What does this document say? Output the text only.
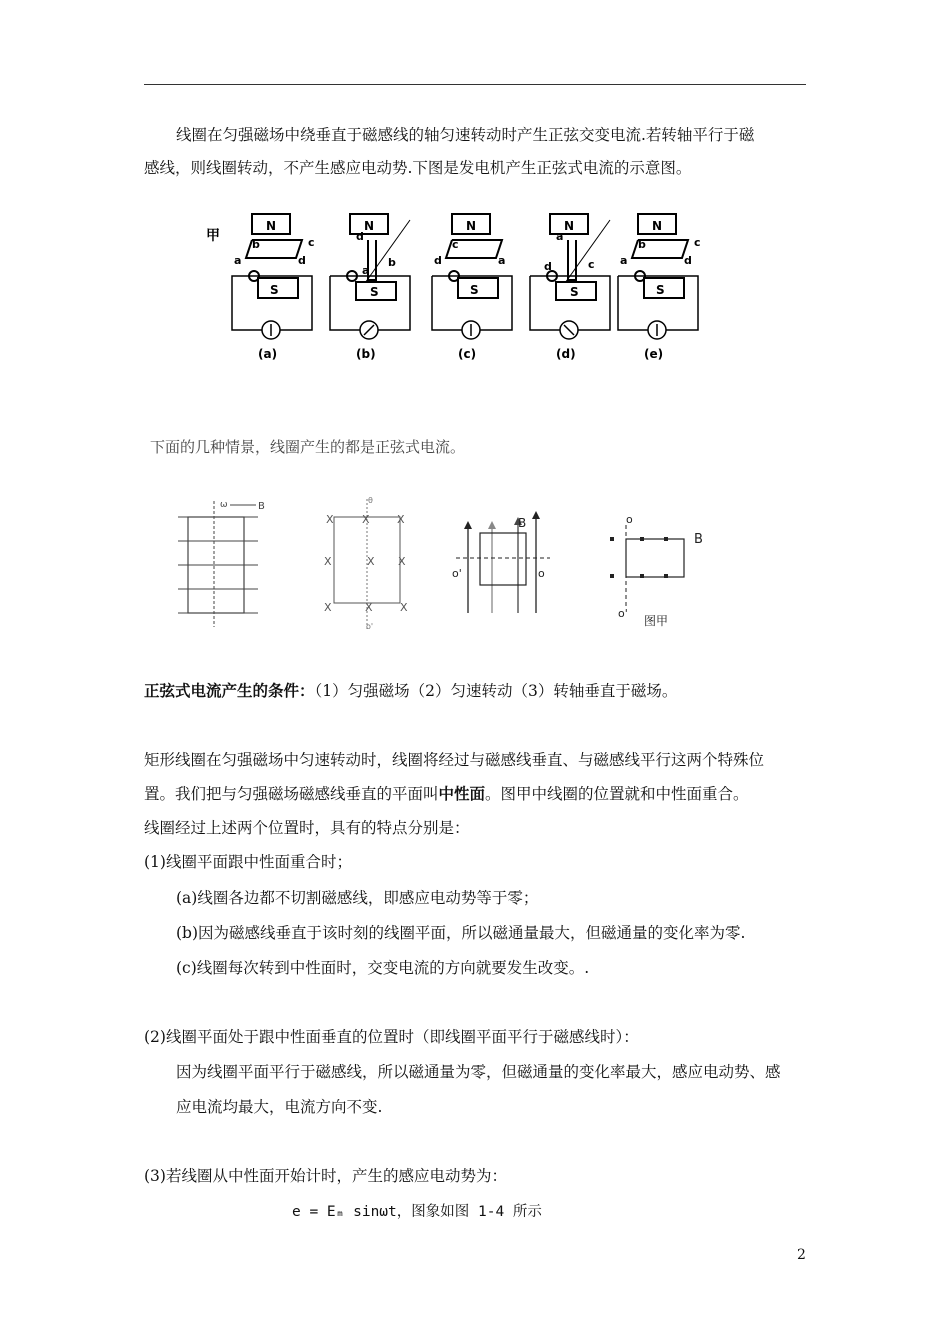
线圈在匀强磁场中绕垂直于磁感线的轴匀速转动时产生正弦交变电流.若转轴平行于磁

感线，则线圈转动，不产生感应电动势.下图是发电机产生正弦式电流的示意图。

甲
N
b	c
a	d
S
(a)
N
d
a
b
S
(b)
N
c
d	a
S
(c)
N
a
d	c
S
(d)
N
b	c
a	d
S
(e)
下面的几种情景，线圈产生的都是正弦式电流。
B
ω
X	X X
X	X X
X	X X
θ
o'
B
o'	o
o
B
o'
图甲

正弦式电流产生的条件：（1）匀强磁场（2）匀速转动（3）转轴垂直于磁场。

矩形线圈在匀强磁场中匀速转动时，线圈将经过与磁感线垂直、与磁感线平行这两个特殊位

置。我们把与匀强磁场磁感线垂直的平面叫中性面。图甲中线圈的位置就和中性面重合。

线圈经过上述两个位置时，具有的特点分别是：

(1)线圈平面跟中性面重合时；

(a)线圈各边都不切割磁感线，即感应电动势等于零；

(b)因为磁感线垂直于该时刻的线圈平面，所以磁通量最大，但磁通量的变化率为零.

(c)线圈每次转到中性面时，交变电流的方向就要发生改变。.

(2)线圈平面处于跟中性面垂直的位置时（即线圈平面平行于磁感线时）：

因为线圈平面平行于磁感线，所以磁通量为零，但磁通量的变化率最大，感应电动势、感

应电流均最大，电流方向不变.

(3)若线圈从中性面开始计时，产生的感应电动势为：

e = Eₘ sinωt，图象如图 1-4 所示

2
